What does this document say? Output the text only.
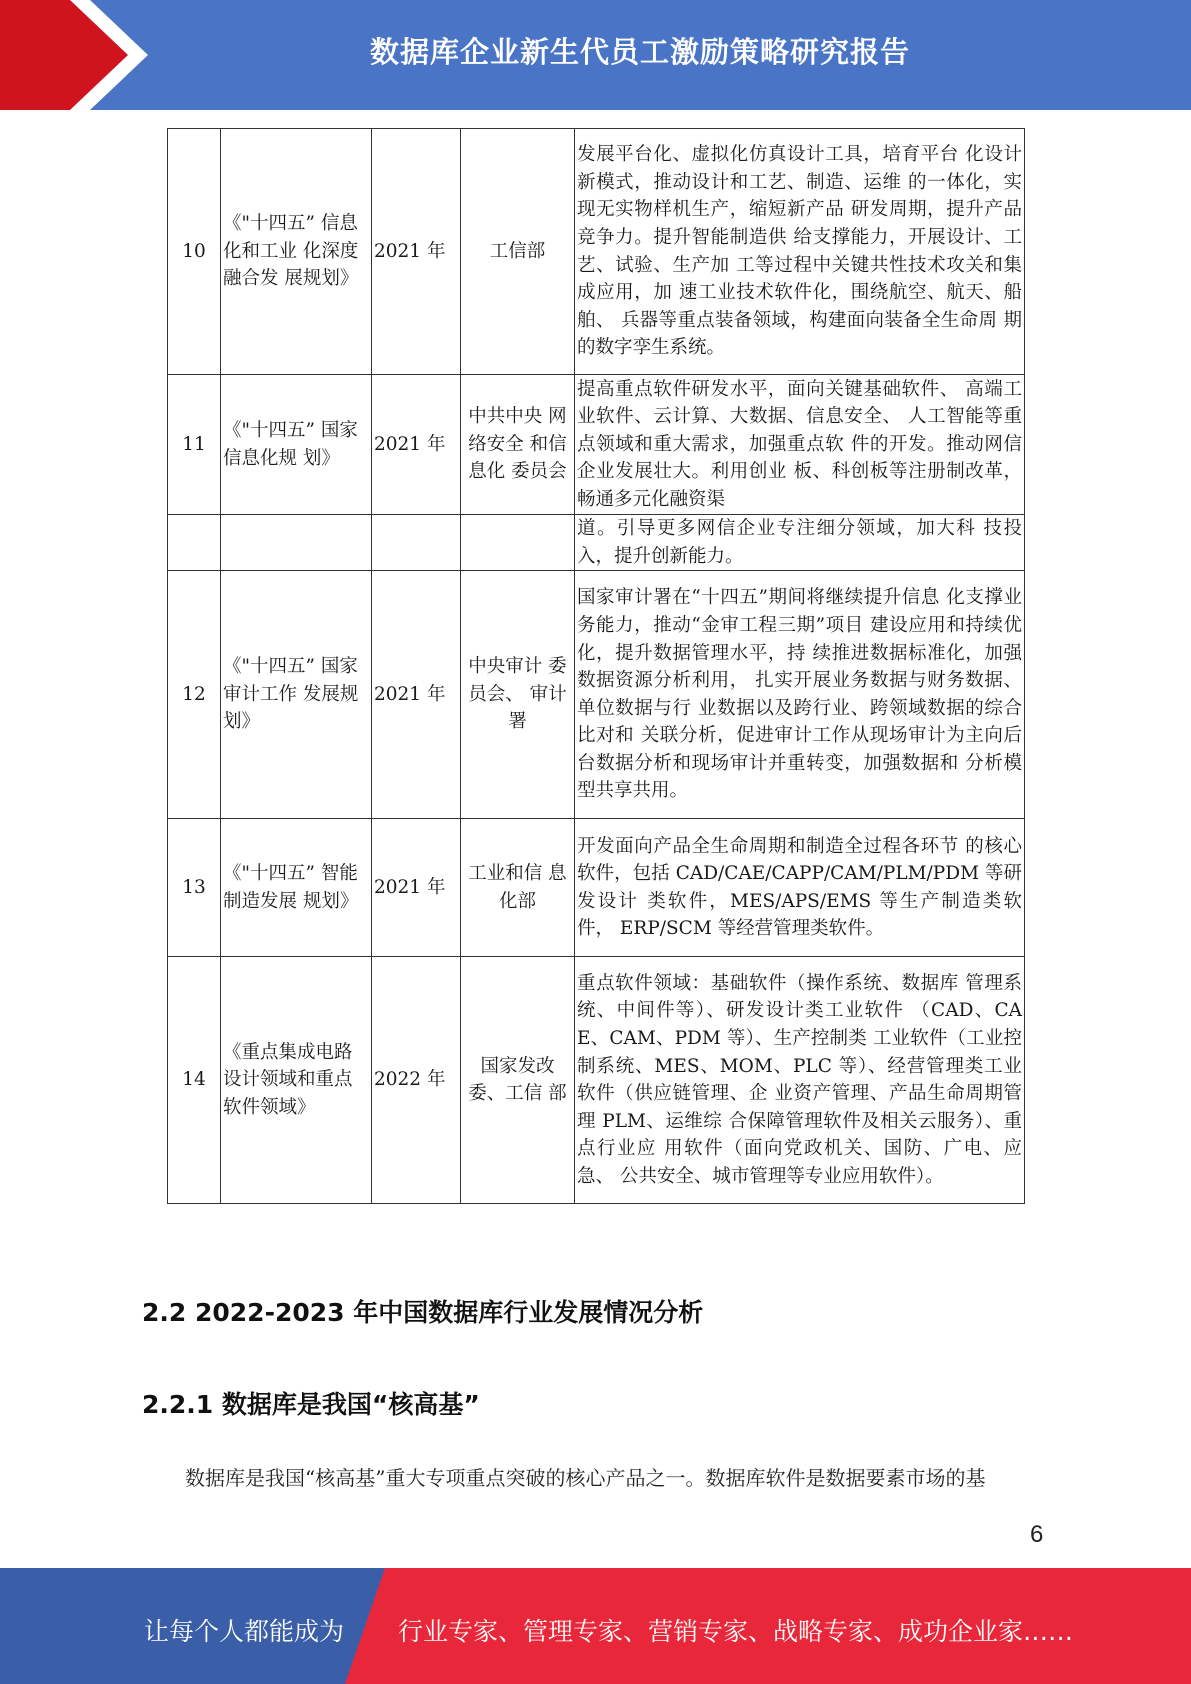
数据库企业新生代员工激励策略研究报告
10	《"十四五” 信息化和工业 化深度融合发 展规划》	2021 年	工信部	发展平台化、虚拟化仿真设计工具，培育平台 化设计新模式，推动设计和工艺、制造、运维 的一体化，实现无实物样机生产，缩短新产品 研发周期，提升产品竞争力。提升智能制造供 给支撑能力，开展设计、工艺、试验、生产加 工等过程中关键共性技术攻关和集成应用，加 速工业技术软件化，围绕航空、航天、船舶、 兵器等重点装备领域，构建面向装备全生命周 期的数字孪生系统。
11	《"十四五” 国家信息化规 划》	2021 年	中共中央 网络安全 和信息化 委员会	提高重点软件研发水平，面向关键基础软件、 高端工业软件、云计算、大数据、信息安全、 人工智能等重点领域和重大需求，加强重点软 件的开发。推动网信企业发展壮大。利用创业 板、科创板等注册制改革，畅通多元化融资渠
				道。引导更多网信企业专注细分领域，加大科 技投入，提升创新能力。
12	《"十四五” 国家审计工作 发展规划》	2021 年	中央审计 委员会、 审计署	国家审计署在“十四五”期间将继续提升信息 化支撑业务能力，推动“金审工程三期”项目 建设应用和持续优化，提升数据管理水平，持 续推进数据标准化，加强数据资源分析利用， 扎实开展业务数据与财务数据、单位数据与行 业数据以及跨行业、跨领域数据的综合比对和 关联分析，促进审计工作从现场审计为主向后 台数据分析和现场审计并重转变，加强数据和 分析模型共享共用。
13	《"十四五” 智能制造发展 规划》	2021 年	工业和信 息化部	开发面向产品全生命周期和制造全过程各环节 的核心软件，包括 CAD/CAE/CAPP/CAM/PLM/PDM 等研发设计 类软件，MES/APS/EMS 等生产制造类软件， ERP/SCM 等经营管理类软件。
14	《重点集成电路设计领域和重点软件领域》	2022 年	国家发改委、工信 部	重点软件领域：基础软件（操作系统、数据库 管理系统、中间件等）、研发设计类工业软件 （CAD、CAE、CAM、PDM 等）、生产控制类 工业软件（工业控制系统、MES、MOM、PLC 等）、经营管理类工业软件（供应链管理、企 业资产管理、产品生命周期管理 PLM、运维综 合保障管理软件及相关云服务）、重点行业应 用软件（面向党政机关、国防、广电、应急、 公共安全、城市管理等专业应用软件）。
2.2 2022-2023 年中国数据库行业发展情况分析
2.2.1 数据库是我国“核高基”
数据库是我国“核高基”重大专项重点突破的核心产品之一。数据库软件是数据要素市场的基
6
让每个人都能成为 行业专家、管理专家、营销专家、战略专家、成功企业家……
